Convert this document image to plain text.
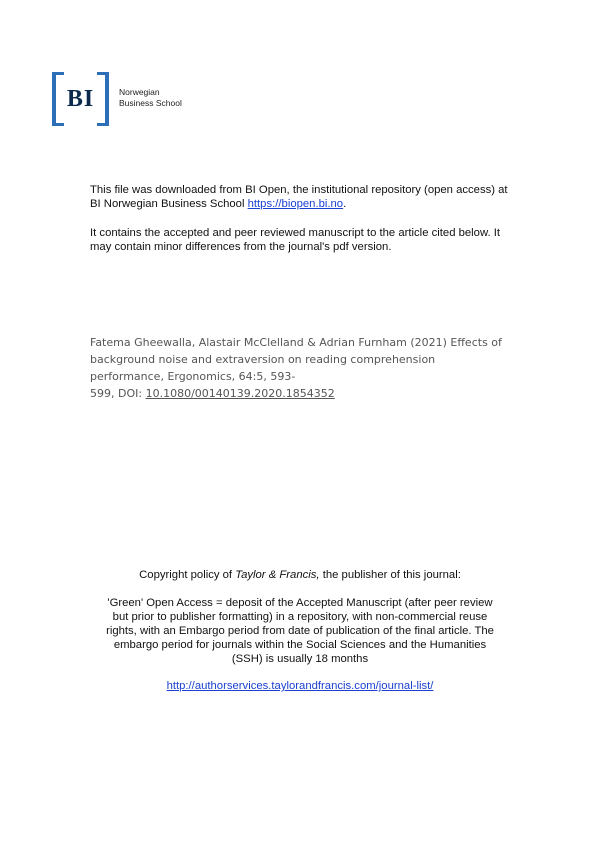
BI	Norwegian
Business School
This file was downloaded from BI Open, the institutional repository (open access) at BI Norwegian Business School https://biopen.bi.no.
It contains the accepted and peer reviewed manuscript to the article cited below. It may contain minor differences from the journal's pdf version.
Fatema Gheewalla, Alastair McClelland & Adrian Furnham (2021) Effects of
background noise and extraversion on reading comprehension
performance, Ergonomics, 64:5, 593-
599, DOI: 10.1080/00140139.2020.1854352
Copyright policy of Taylor & Francis, the publisher of this journal:
'Green' Open Access = deposit of the Accepted Manuscript (after peer review
but prior to publisher formatting) in a repository, with non-commercial reuse
rights, with an Embargo period from date of publication of the final article. The
embargo period for journals within the Social Sciences and the Humanities
(SSH) is usually 18 months
http://authorservices.taylorandfrancis.com/journal-list/
